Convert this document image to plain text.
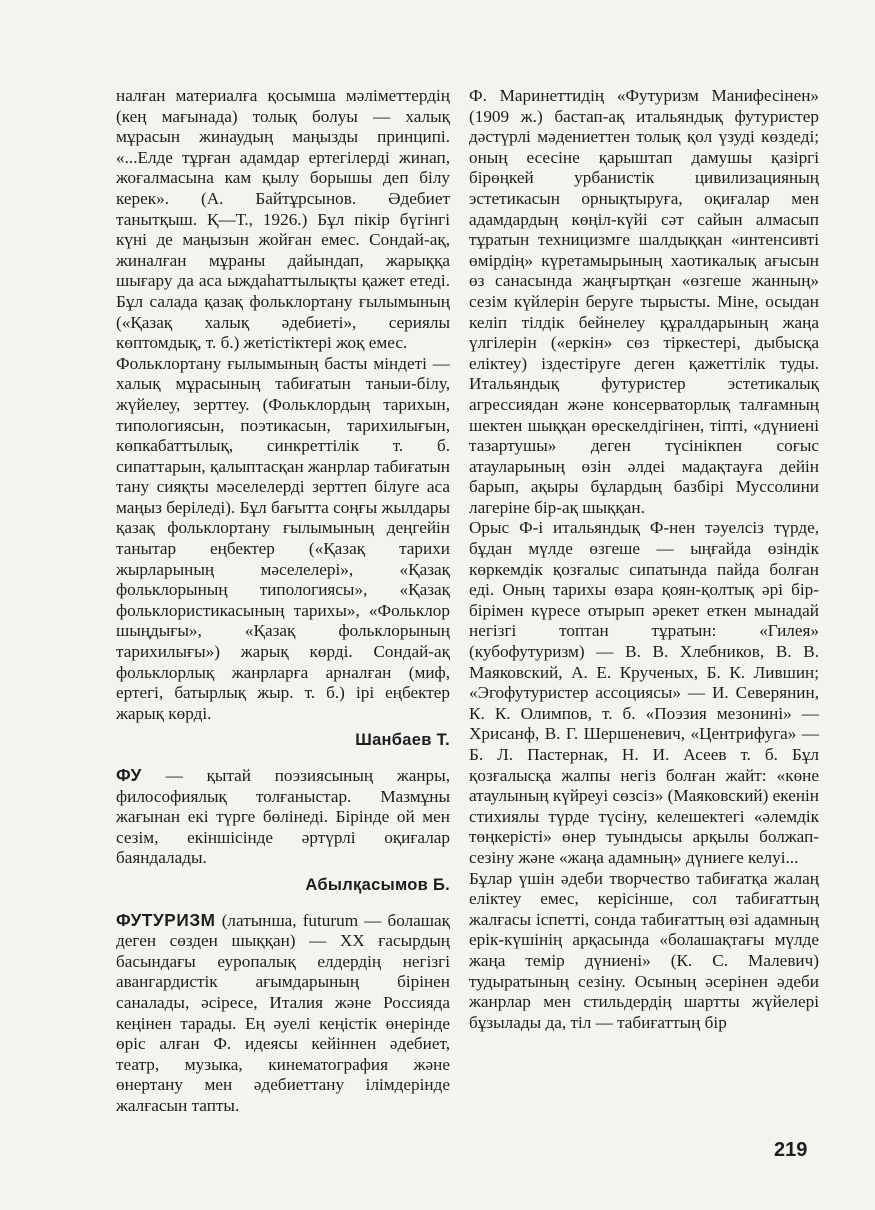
налған материалға қосымша мәліметтердің (кең мағынада) толық болуы — халық мұрасын жинаудың маңызды принципі. «...Елде тұрған адамдар ертегілерді жинап, жоғалмасына кам қылу борышы деп білу керек». (А. Байтұрсынов. Әдебиет танытқыш. Қ—Т., 1926.) Бұл пікір бүгінгі күні де маңызын жойған емес. Сондай-ақ, жиналған мұраны дайындап, жарыққа шығару да аса ыждаһаттылықты қажет етеді. Бұл салада қазақ фольклортану ғылымының («Қазақ халық әдебиеті», сериялы көптомдық, т. б.) жетістіктері жоқ емес.

Фольклортану ғылымының басты міндеті — халық мұрасының табиғатын таныи-білу, жүйелеу, зерттеу. (Фольклордың тарихын, типологиясын, поэтикасын, тарихилығын, көпкабаттылық, синкреттілік т. б. сипаттарын, қалыптасқан жанрлар табиғатын тану сияқты мәселелерді зерттеп білуге аса маңыз беріледі). Бұл бағытта соңғы жылдары қазақ фольклортану ғылымының деңгейін танытар еңбектер («Қазақ тарихи жырларының мәселелері», «Қазақ фольклорының типологиясы», «Қазақ фольклористикасының тарихы», «Фольклор шыңдығы», «Қазақ фольклорының тарихилығы») жарық көрді. Сондай-ақ фольклорлық жанрларға арналған (миф, ертегі, батырлық жыр. т. б.) ірі еңбектер жарық көрді.

Шанбаев Т.

ФУ — қытай поэзиясының жанры, философиялық толғаныстар. Мазмұны жағынан екі түрге бөлінеді. Бірінде ой мен сезім, екіншісінде әртүрлі оқиғалар баяндалады.

Абылқасымов Б.

ФУТУРИЗМ (латынша, futurum — болашақ деген сөзден шыққан) — XX ғасырдың басындағы еуропалық елдердің негізгі авангардистік ағымдарының бірінен саналады, әсіресе, Италия және Россияда кеңінен тарады. Ең әуелі кеңістік өнерінде өріс алған Ф. идеясы кейіннен әдебиет, театр, музыка, кинематография және өнертану мен әдебиеттану ілімдерінде жалғасын тапты.

Ф. Маринеттидің «Футуризм Манифесінен» (1909 ж.) бастап-ақ итальяндық футуристер дәстүрлі мәдениеттен толық қол үзуді көздеді; оның есесіне қарыштап дамушы қазіргі бірөңкей урбанистік цивилизацияның эстетикасын орнықтыруға, оқиғалар мен адамдардың көңіл-күйі сәт сайын алмасып тұратын техницизмге шалдыққан «интенсивті өмірдің» күретамырының хаотикалық ағысын өз санасында жаңғыртқан «өзгеше жанның» сезім күйлерін беруге тырысты. Міне, осыдан келіп тілдік бейнелеу құралдарының жаңа үлгілерін («еркін» сөз тіркестері, дыбысқа еліктеу) іздестіруге деген қажеттілік туды. Итальяндық футуристер эстетикалық агрессиядан және консерваторлық талғамның шектен шыққан өрескелдігінен, тіпті, «дүниені тазартушы» деген түсінікпен соғыс атауларының өзін әлдеі мадақтауға дейін барып, ақыры бұлардың базбірі Муссолини лагеріне бір-ақ шыққан.

Орыс Ф-і итальяндық Ф-нен тәуелсіз түрде, бұдан мүлде өзгеше — ыңғайда өзіндік көркемдік қозғалыс сипатында пайда болған еді. Оның тарихы өзара қоян-қолтық әрі бір-бірімен күресе отырып әрекет еткен мынадай негізгі топтан тұратын: «Гилея» (кубофутуризм) — В. В. Хлебников, В. В. Маяковский, А. Е. Крученых, Б. К. Лившин; «Эгофутуристер ассоциясы» — И. Северянин, К. К. Олимпов, т. б. «Поэзия мезонині» — Хрисанф, В. Г. Шершеневич, «Центрифуга» — Б. Л. Пастернак, Н. И. Асеев т. б. Бұл қозғалысқа жалпы негіз болған жайт: «көне атаулының күйреуі сөзсіз» (Маяковский) екенін стихиялы түрде түсіну, келешектегі «әлемдік төңкерісті» өнер туындысы арқылы болжап-сезіну және «жаңа адамның» дүниеге келуі...

Бұлар үшін әдеби творчество табиғатқа жалаң еліктеу емес, керісінше, сол табиғаттың жалғасы іспетті, сонда табиғаттың өзі адамның ерік-күшінің арқасында «болашақтағы мүлде жаңа темір дүниені» (К. С. Малевич) тудыратының сезіну. Осының әсерінен әдеби жанрлар мен стильдердің шартты жүйелері бұзылады да, тіл — табиғаттың бір

219
